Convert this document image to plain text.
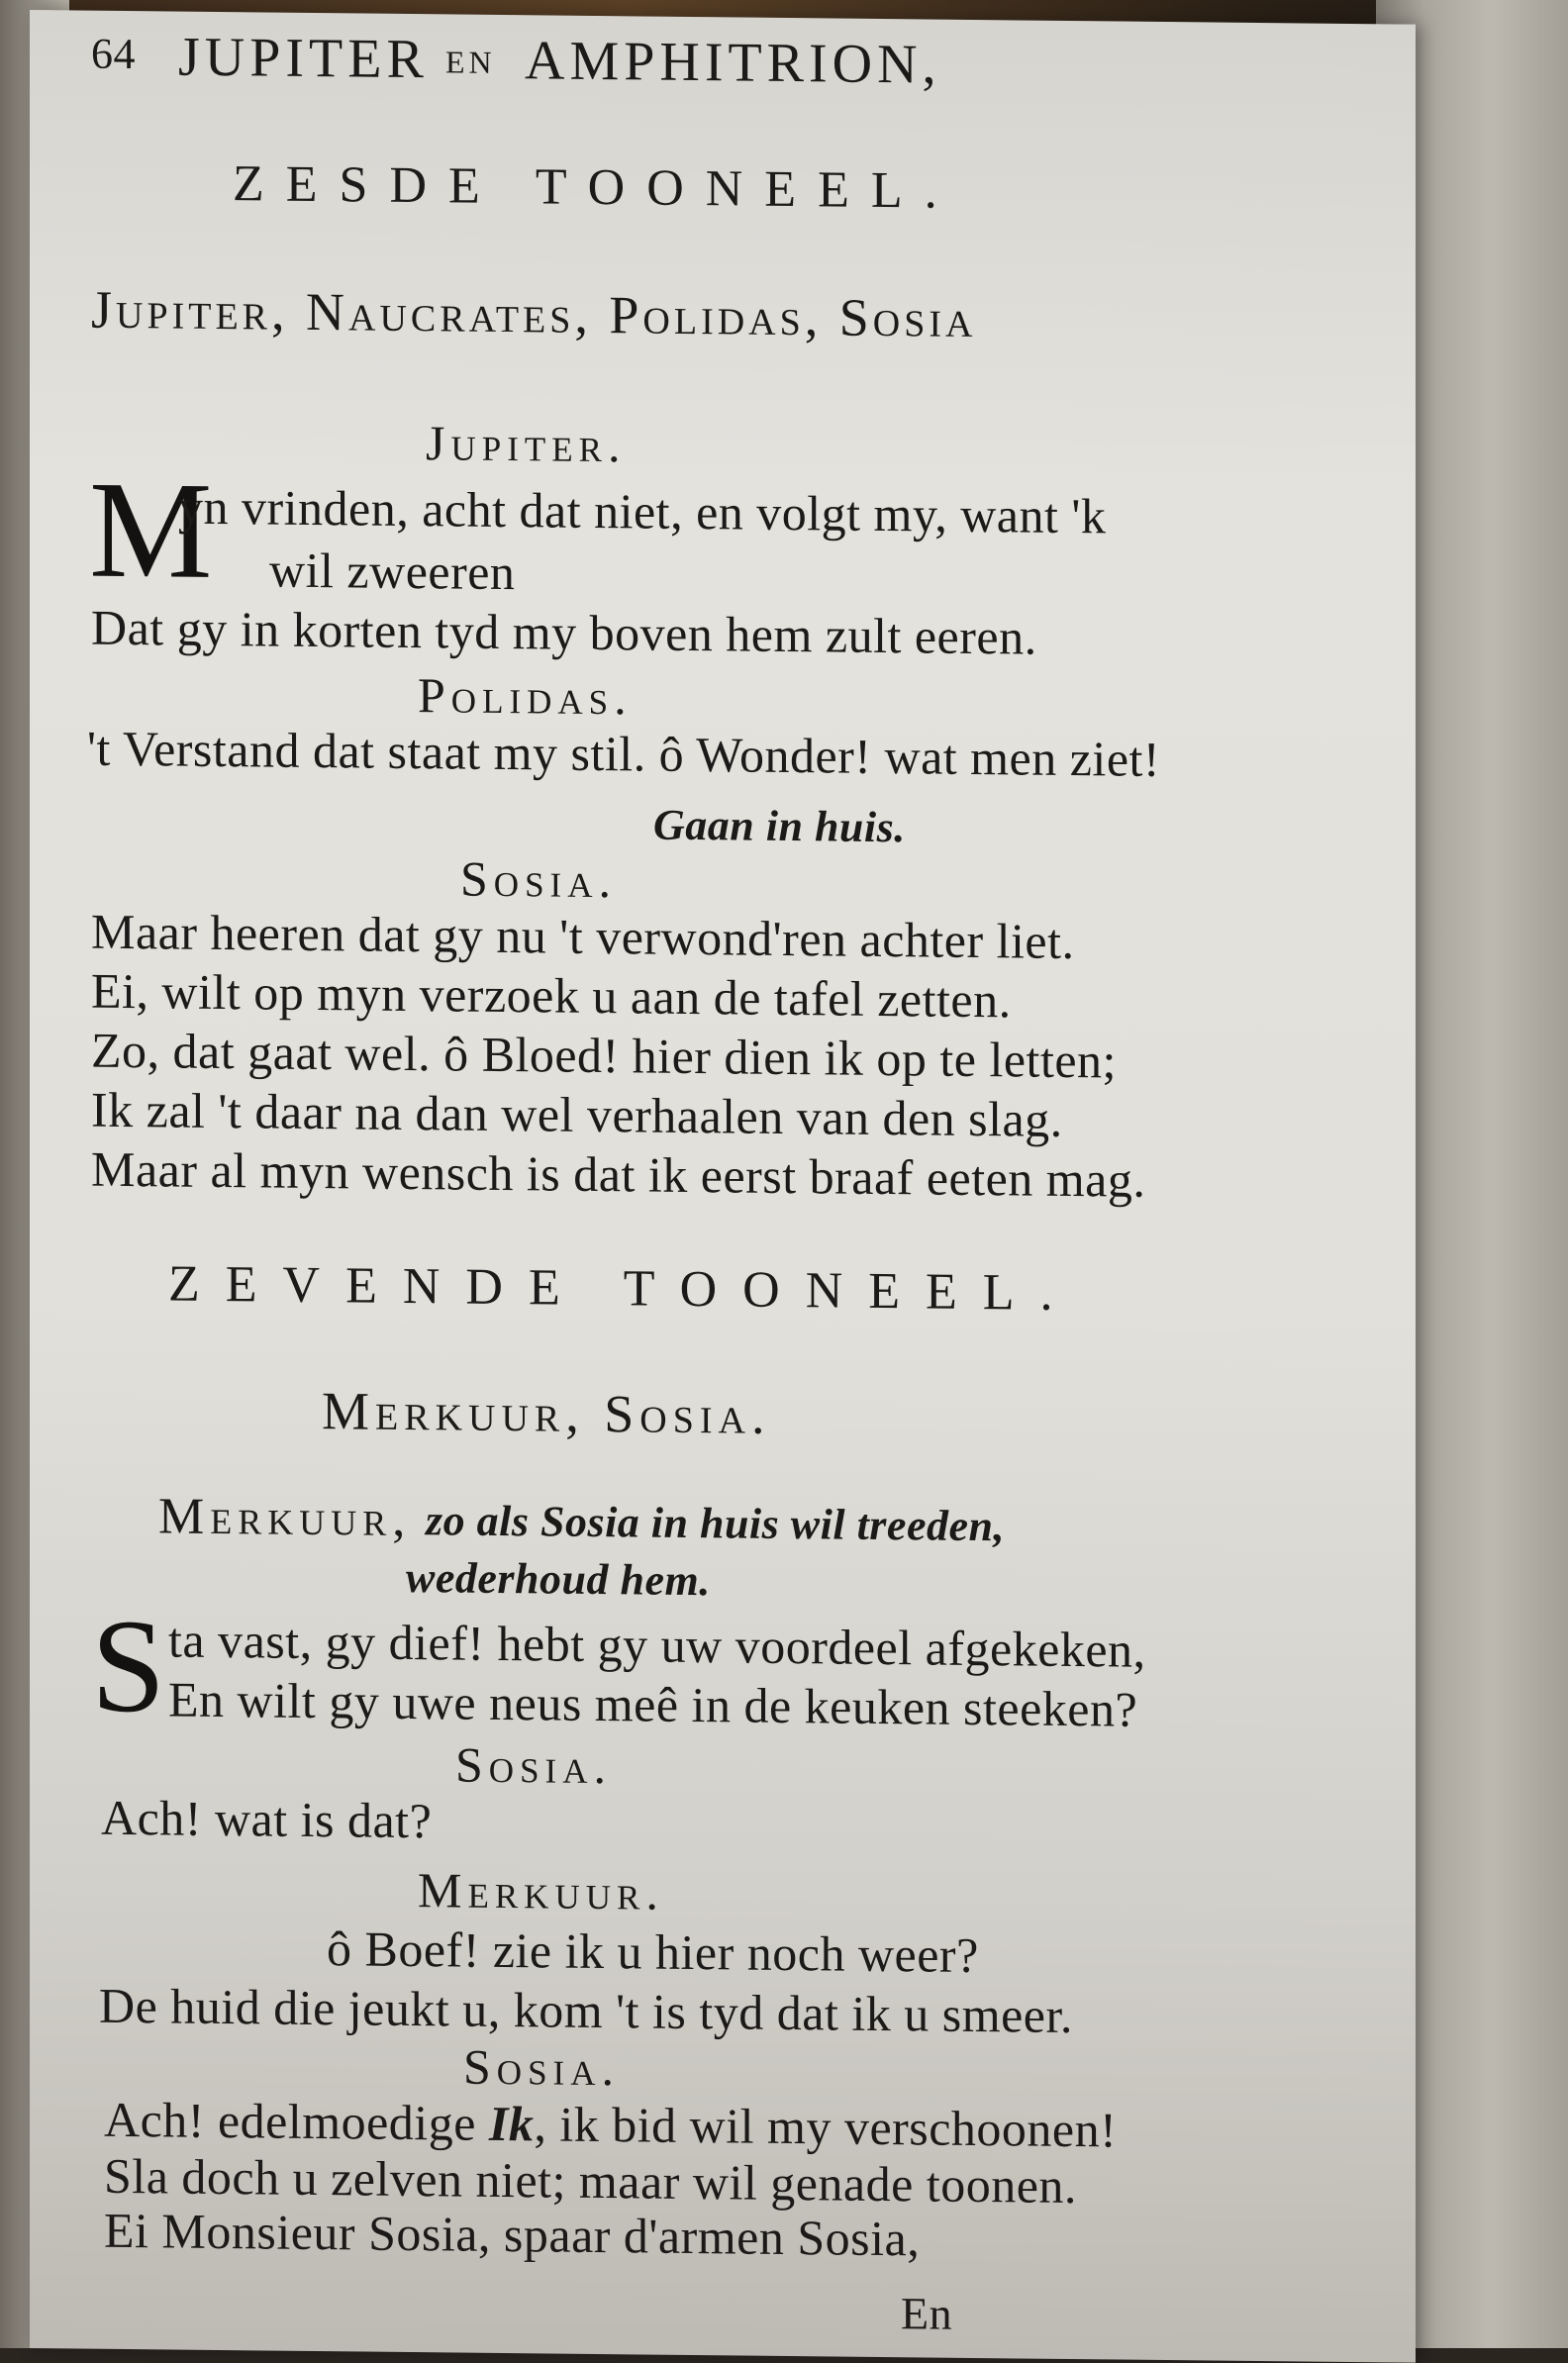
64 JUPITER EN AMPHITRION,
ZESDE TOONEEL.
Jupiter, Naucrates, Polidas, Sosia
Jupiter.
M
yn vrinden, acht dat niet, en volgt my, want 'k
wil zweeren
Dat gy in korten tyd my boven hem zult eeren.
Polidas.
't Verstand dat staat my stil. ô Wonder! wat men ziet!
Gaan in huis.
Sosia.
Maar heeren dat gy nu 't verwond'ren achter liet.
Ei, wilt op myn verzoek u aan de tafel zetten.
Zo, dat gaat wel. ô Bloed! hier dien ik op te letten;
Ik zal 't daar na dan wel verhaalen van den slag.
Maar al myn wensch is dat ik eerst braaf eeten mag.
ZEVENDE TOONEEL.
Merkuur, Sosia.
Merkuur, zo als Sosia in huis wil treeden,
wederhoud hem.
S ta vast, gy dief! hebt gy uw voordeel afgekeken,
En wilt gy uwe neus meê in de keuken steeken?
Sosia.
Ach! wat is dat?
Merkuur.
ô Boef! zie ik u hier noch weer?
De huid die jeukt u, kom 't is tyd dat ik u smeer.
Sosia.
Ach! edelmoedige Ik, ik bid wil my verschoonen!
Sla doch u zelven niet; maar wil genade toonen.
Ei Monsieur Sosia, spaar d'armen Sosia,
En
